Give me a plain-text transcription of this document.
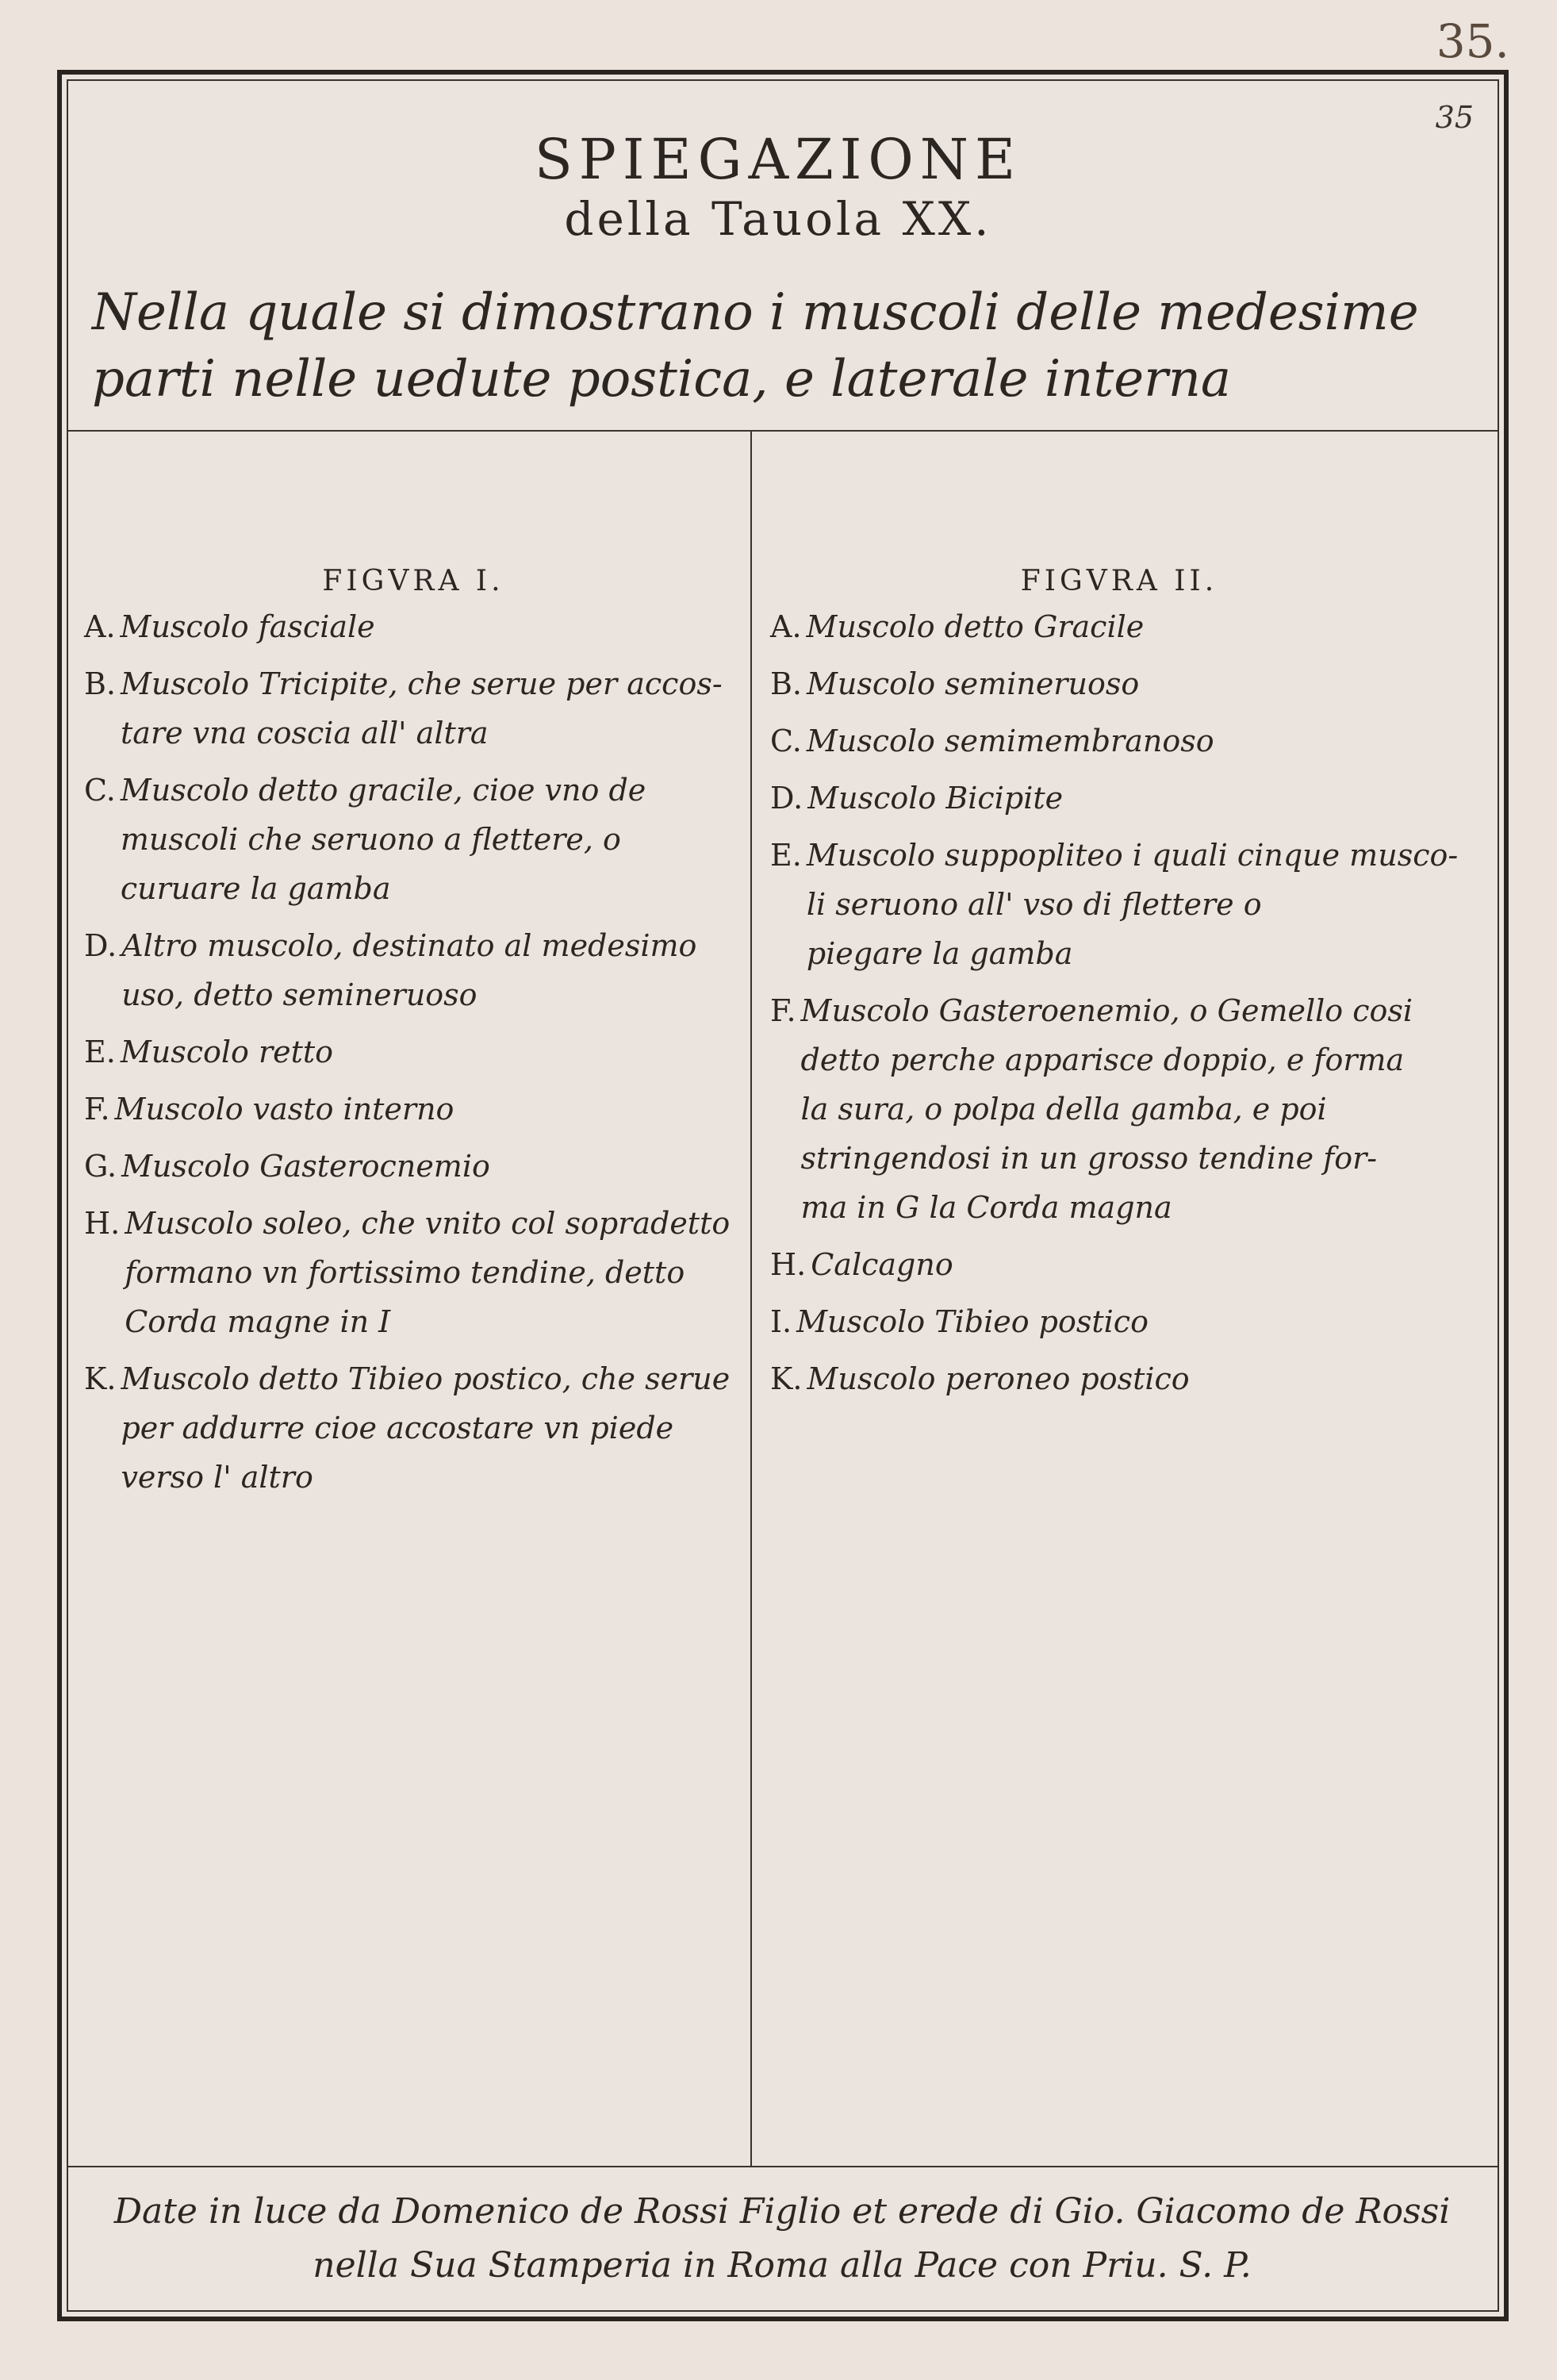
35.
35
SPIEGAZIONE
della Tauola XX.
Nella quale si dimostrano i muscoli delle medesime
parti nelle uedute postica, e laterale interna
FIGVRA I.
A. Muscolo fasciale
B. Muscolo Tricipite, che serue per accos-
tare vna coscia all' altra
C. Muscolo detto gracile, cioe vno de
muscoli che seruono a flettere, o
curuare la gamba
D. Altro muscolo, destinato al medesimo
uso, detto semineruoso
E. Muscolo retto
F. Muscolo vasto interno
G. Muscolo Gasterocnemio
H. Muscolo soleo, che vnito col sopradetto
formano vn fortissimo tendine, detto
Corda magne in I
K. Muscolo detto Tibieo postico, che serue
per addurre cioe accostare vn piede
verso l' altro
FIGVRA II.
A. Muscolo detto Gracile
B. Muscolo semineruoso
C. Muscolo semimembranoso
D. Muscolo Bicipite
E. Muscolo suppopliteo i quali cinque musco-
li seruono all' vso di flettere o
piegare la gamba
F. Muscolo Gasteroenemio, o Gemello cosi
detto perche apparisce doppio, e forma
la sura, o polpa della gamba, e poi
stringendosi in un grosso tendine for-
ma in G la Corda magna
H. Calcagno
I. Muscolo Tibieo postico
K. Muscolo peroneo postico
Date in luce da Domenico de Rossi Figlio et erede di Gio. Giacomo de Rossi
nella Sua Stamperia in Roma alla Pace con Priu. S. P.
